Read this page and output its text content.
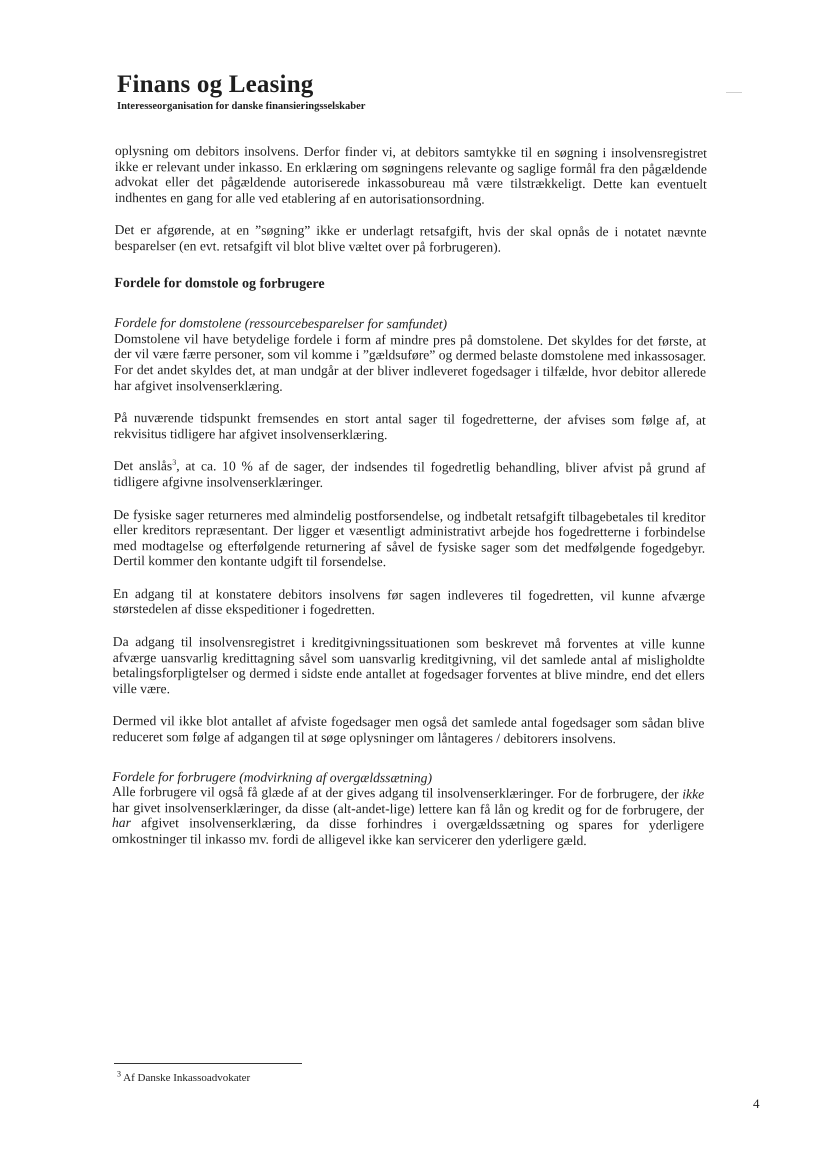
Finans og Leasing

Interesseorganisation for danske finansieringsselskaber

oplysning om debitors insolvens. Derfor finder vi, at debitors samtykke til en søgning i insolvensregistret ikke er relevant under inkasso. En erklæring om søgningens relevante og saglige formål fra den pågældende advokat eller det pågældende autoriserede inkassobureau må være tilstrækkeligt. Dette kan eventuelt indhentes en gang for alle ved etablering af en autorisationsordning.

Det er afgørende, at en ”søgning” ikke er underlagt retsafgift, hvis der skal opnås de i notatet nævnte besparelser (en evt. retsafgift vil blot blive væltet over på forbrugeren).

Fordele for domstole og forbrugere

Fordele for domstolene (ressourcebesparelser for samfundet)

Domstolene vil have betydelige fordele i form af mindre pres på domstolene. Det skyldes for det første, at der vil være færre personer, som vil komme i ”gældsuføre” og dermed belaste domstolene med inkassosager. For det andet skyldes det, at man undgår at der bliver indleveret fogedsager i tilfælde, hvor debitor allerede har afgivet insolvenserklæring.

På nuværende tidspunkt fremsendes en stort antal sager til fogedretterne, der afvises som følge af, at rekvisitus tidligere har afgivet insolvenserklæring.

Det anslås$^3$, at ca. 10 % af de sager, der indsendes til fogedretlig behandling, bliver afvist på grund af tidligere afgivne insolvenserklæringer.

De fysiske sager returneres med almindelig postforsendelse, og indbetalt retsafgift tilbagebetales til kreditor eller kreditors repræsentant. Der ligger et væsentligt administrativt arbejde hos fogedretterne i forbindelse med modtagelse og efterfølgende returnering af såvel de fysiske sager som det medfølgende fogedgebyr. Dertil kommer den kontante udgift til forsendelse.

En adgang til at konstatere debitors insolvens før sagen indleveres til fogedretten, vil kunne afværge størstedelen af disse ekspeditioner i fogedretten.

Da adgang til insolvensregistret i kreditgivningssituationen som beskrevet må forventes at ville kunne afværge uansvarlig kredittagning såvel som uansvarlig kreditgivning, vil det samlede antal af misligholdte betalingsforpligtelser og dermed i sidste ende antallet at fogedsager forventes at blive mindre, end det ellers ville være.

Dermed vil ikke blot antallet af afviste fogedsager men også det samlede antal fogedsager som sådan blive reduceret som følge af adgangen til at søge oplysninger om låntageres / debitorers insolvens.

Fordele for forbrugere (modvirkning af overgældssætning)

Alle forbrugere vil også få glæde af at der gives adgang til insolvenserklæringer. For de forbrugere, der ikke har givet insolvenserklæringer, da disse (alt-andet-lige) lettere kan få lån og kredit og for de forbrugere, der har afgivet insolvenserklæring, da disse forhindres i overgældssætning og spares for yderligere omkostninger til inkasso mv. fordi de alligevel ikke kan servicerer den yderligere gæld.

$^3$ Af Danske Inkassoadvokater
4
